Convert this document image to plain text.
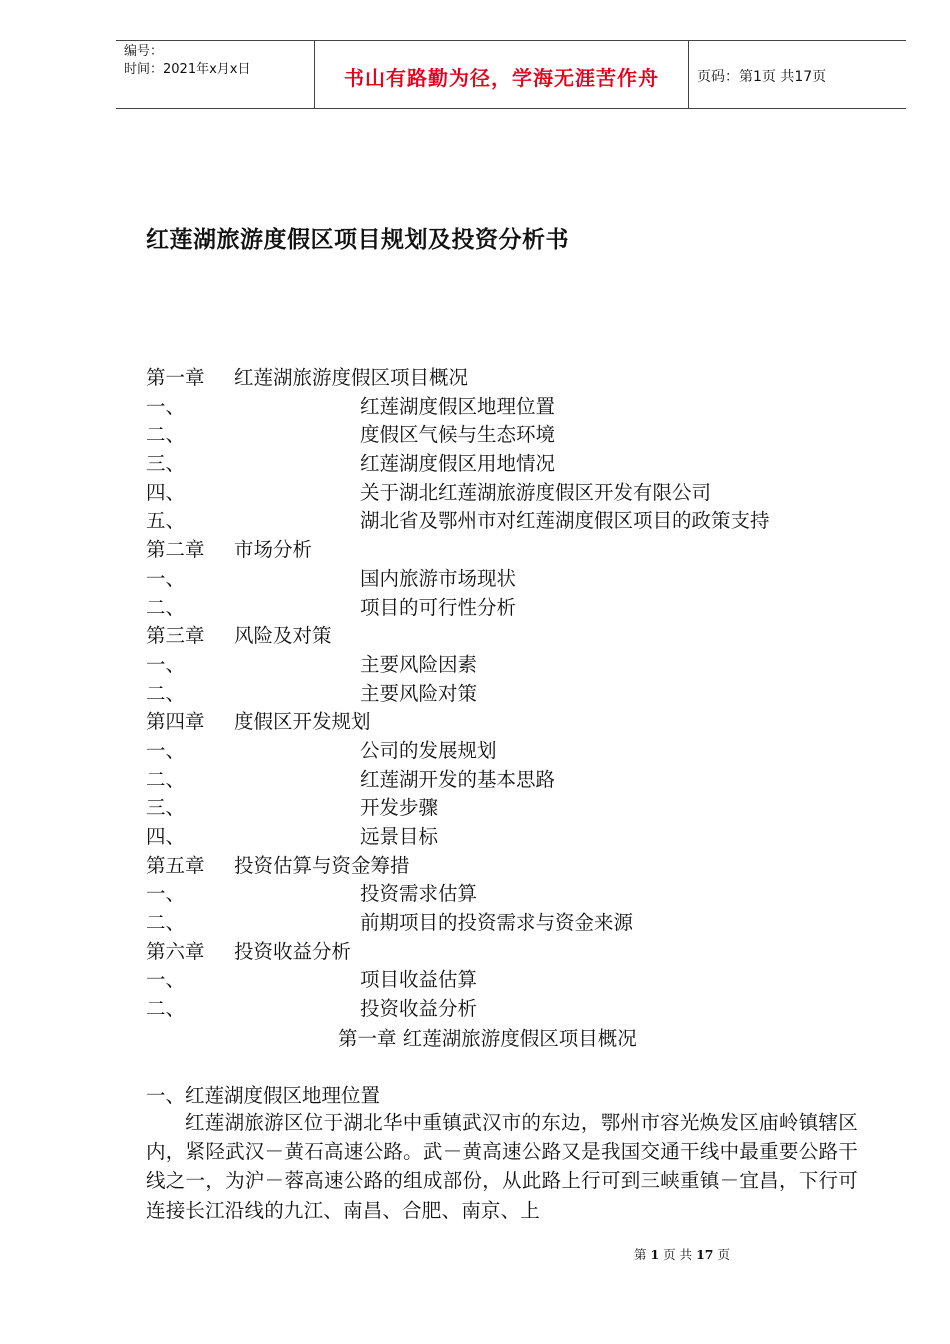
编号：
时间：2021年x月x日	书山有路勤为径，学海无涯苦作舟	页码：第1页 共17页
红莲湖旅游度假区项目规划及投资分析书
第一章 红莲湖旅游度假区项目概况
一、	红莲湖度假区地理位置
二、	度假区气候与生态环境
三、	红莲湖度假区用地情况
四、	关于湖北红莲湖旅游度假区开发有限公司
五、	湖北省及鄂州市对红莲湖度假区项目的政策支持
第二章 市场分析
一、	国内旅游市场现状
二、	项目的可行性分析
第三章 风险及对策
一、	主要风险因素
二、	主要风险对策
第四章 度假区开发规划
一、	公司的发展规划
二、	红莲湖开发的基本思路
三、	开发步骤
四、	远景目标
第五章 投资估算与资金筹措
一、	投资需求估算
二、	前期项目的投资需求与资金来源
第六章 投资收益分析
一、	项目收益估算
二、	投资收益分析
第一章 红莲湖旅游度假区项目概况
一、红莲湖度假区地理位置
红莲湖旅游区位于湖北华中重镇武汉市的东边，鄂州市容光焕发区庙岭镇辖区内，紧陉武汉－黄石高速公路。武－黄高速公路又是我国交通干线中最重要公路干线之一，为沪－蓉高速公路的组成部份，从此路上行可到三峡重镇－宜昌，下行可连接长江沿线的九江、南昌、合肥、南京、上
第 1 页 共 17 页
